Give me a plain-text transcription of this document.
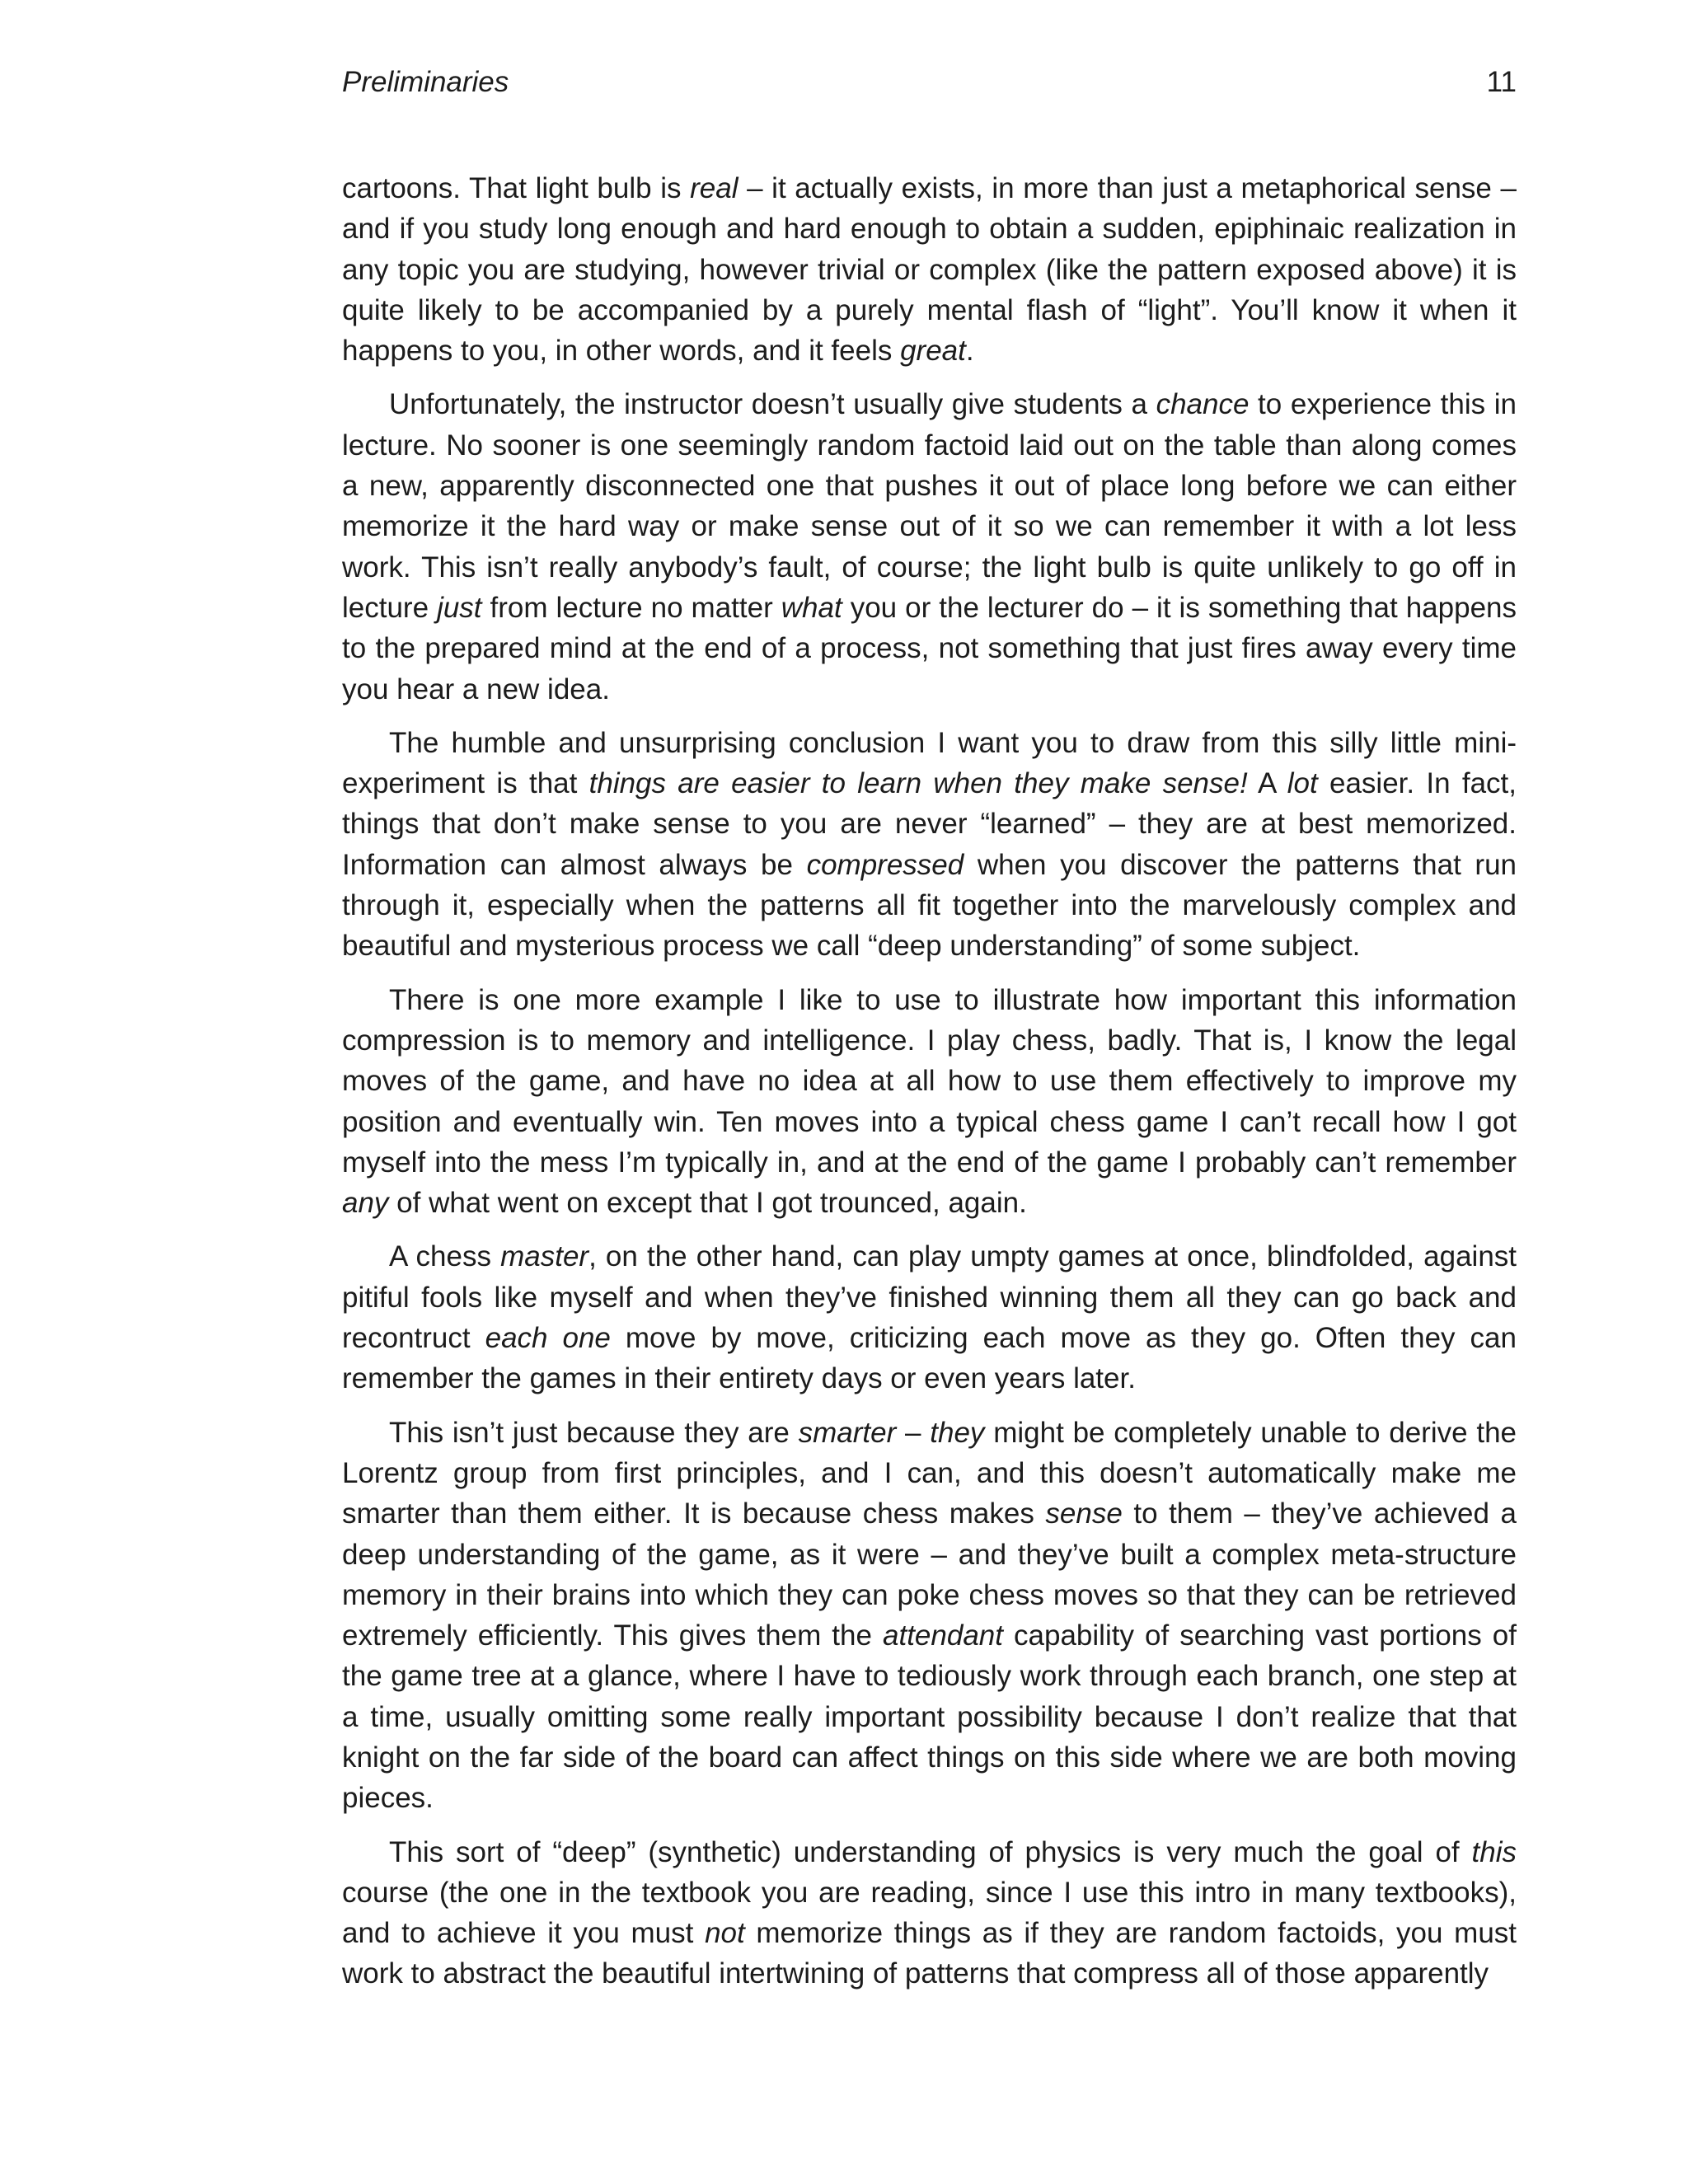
Preliminaries	11

cartoons. That light bulb is real – it actually exists, in more than just a metaphorical sense – and if you study long enough and hard enough to obtain a sudden, epiphinaic realization in any topic you are studying, however trivial or complex (like the pattern exposed above) it is quite likely to be accompanied by a purely mental flash of “light”. You’ll know it when it happens to you, in other words, and it feels great.

Unfortunately, the instructor doesn’t usually give students a chance to experience this in lecture. No sooner is one seemingly random factoid laid out on the table than along comes a new, apparently disconnected one that pushes it out of place long before we can either memorize it the hard way or make sense out of it so we can remember it with a lot less work. This isn’t really anybody’s fault, of course; the light bulb is quite unlikely to go off in lecture just from lecture no matter what you or the lecturer do – it is something that happens to the prepared mind at the end of a process, not something that just fires away every time you hear a new idea.

The humble and unsurprising conclusion I want you to draw from this silly little mini-experiment is that things are easier to learn when they make sense! A lot easier. In fact, things that don’t make sense to you are never “learned” – they are at best memorized. Information can almost always be compressed when you discover the patterns that run through it, especially when the patterns all fit together into the marvelously complex and beautiful and mysterious process we call “deep understanding” of some subject.

There is one more example I like to use to illustrate how important this information compression is to memory and intelligence. I play chess, badly. That is, I know the legal moves of the game, and have no idea at all how to use them effectively to improve my position and eventually win. Ten moves into a typical chess game I can’t recall how I got myself into the mess I’m typically in, and at the end of the game I probably can’t remember any of what went on except that I got trounced, again.

A chess master, on the other hand, can play umpty games at once, blindfolded, against pitiful fools like myself and when they’ve finished winning them all they can go back and recontruct each one move by move, criticizing each move as they go. Often they can remember the games in their entirety days or even years later.

This isn’t just because they are smarter – they might be completely unable to derive the Lorentz group from first principles, and I can, and this doesn’t automatically make me smarter than them either. It is because chess makes sense to them – they’ve achieved a deep understanding of the game, as it were – and they’ve built a complex meta-structure memory in their brains into which they can poke chess moves so that they can be retrieved extremely efficiently. This gives them the attendant capability of searching vast portions of the game tree at a glance, where I have to tediously work through each branch, one step at a time, usually omitting some really important possibility because I don’t realize that that knight on the far side of the board can affect things on this side where we are both moving pieces.

This sort of “deep” (synthetic) understanding of physics is very much the goal of this course (the one in the textbook you are reading, since I use this intro in many textbooks), and to achieve it you must not memorize things as if they are random factoids, you must work to abstract the beautiful intertwining of patterns that compress all of those apparently
